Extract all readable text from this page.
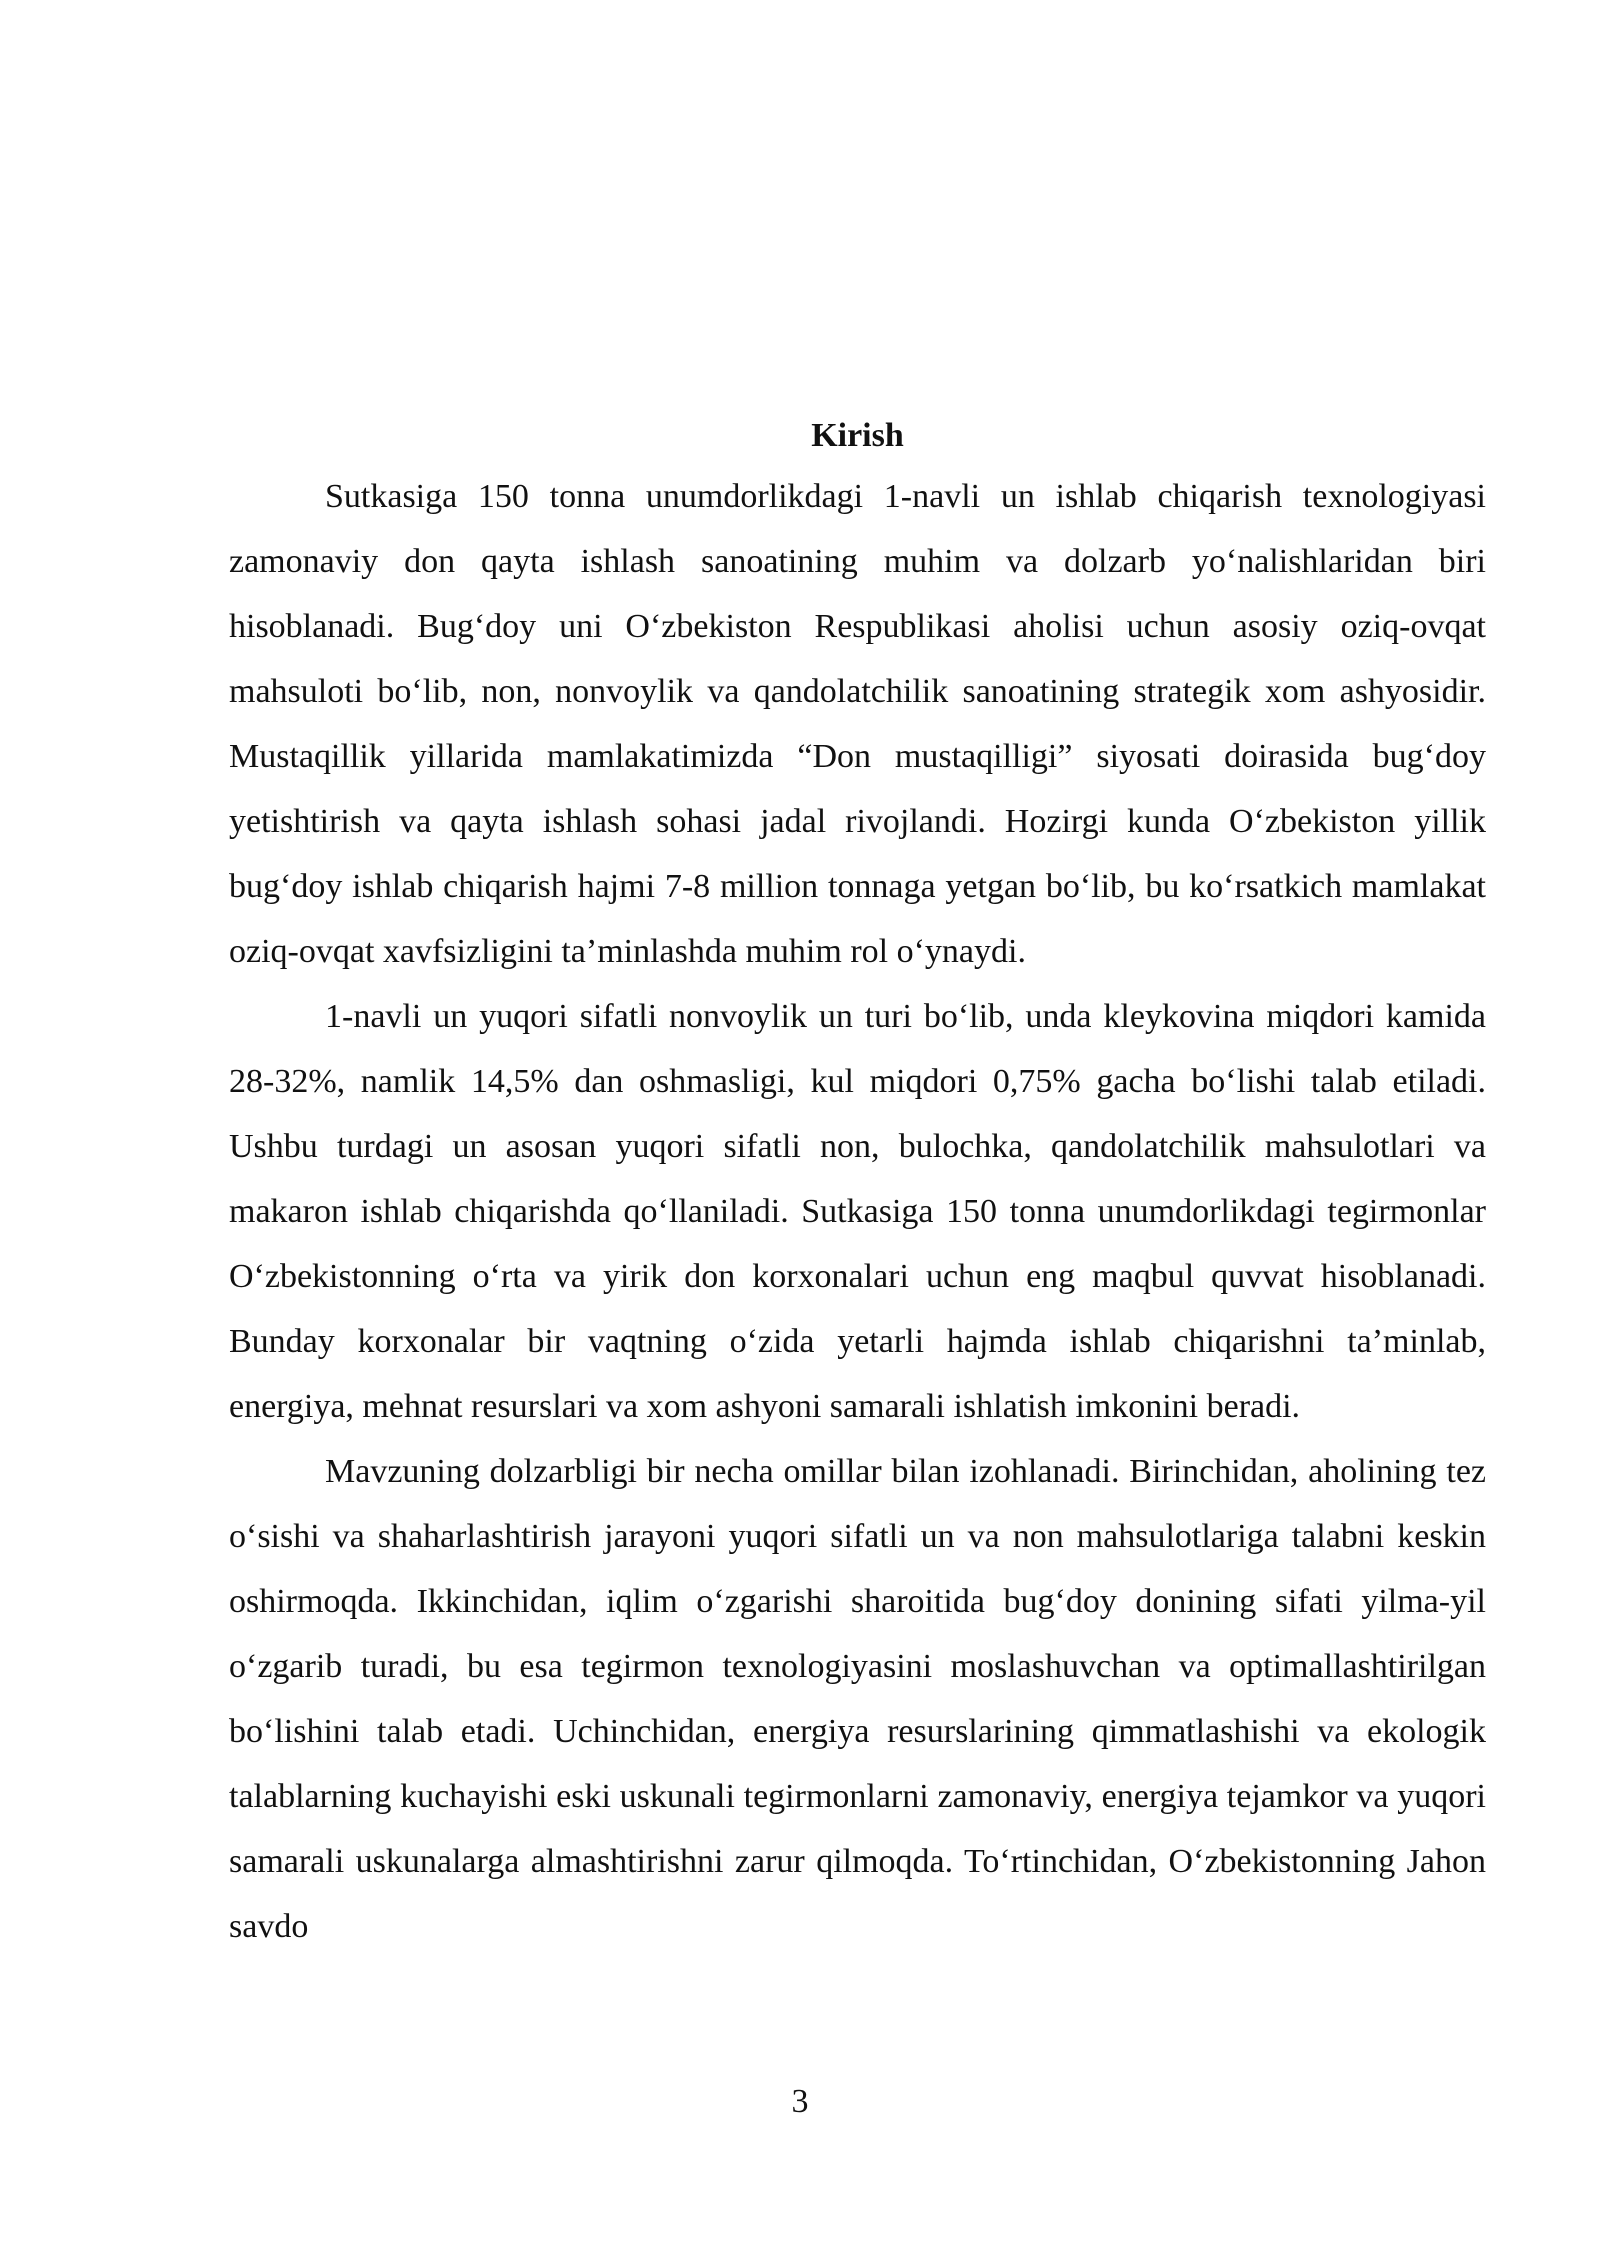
Kirish

Sutkasiga 150 tonna unumdorlikdagi 1-navli un ishlab chiqarish texnologiyasi zamonaviy don qayta ishlash sanoatining muhim va dolzarb yo‘nalishlaridan biri hisoblanadi. Bug‘doy uni O‘zbekiston Respublikasi aholisi uchun asosiy oziq-ovqat mahsuloti bo‘lib, non, nonvoylik va qandolatchilik sanoatining strategik xom ashyosidir. Mustaqillik yillarida mamlakatimizda “Don mustaqilligi” siyosati doirasida bug‘doy yetishtirish va qayta ishlash sohasi jadal rivojlandi. Hozirgi kunda O‘zbekiston yillik bug‘doy ishlab chiqarish hajmi 7-8 million tonnaga yetgan bo‘lib, bu ko‘rsatkich mamlakat oziq-ovqat xavfsizligini ta’minlashda muhim rol o‘ynaydi.

1-navli un yuqori sifatli nonvoylik un turi bo‘lib, unda kleykovina miqdori kamida 28-32%, namlik 14,5% dan oshmasligi, kul miqdori 0,75% gacha bo‘lishi talab etiladi. Ushbu turdagi un asosan yuqori sifatli non, bulochka, qandolatchilik mahsulotlari va makaron ishlab chiqarishda qo‘llaniladi. Sutkasiga 150 tonna unumdorlikdagi tegirmonlar O‘zbekistonning o‘rta va yirik don korxonalari uchun eng maqbul quvvat hisoblanadi. Bunday korxonalar bir vaqtning o‘zida yetarli hajmda ishlab chiqarishni ta’minlab, energiya, mehnat resurslari va xom ashyoni samarali ishlatish imkonini beradi.

Mavzuning dolzarbligi bir necha omillar bilan izohlanadi. Birinchidan, aholining tez o‘sishi va shaharlashtirish jarayoni yuqori sifatli un va non mahsulotlariga talabni keskin oshirmoqda. Ikkinchidan, iqlim o‘zgarishi sharoitida bug‘doy donining sifati yilma-yil o‘zgarib turadi, bu esa tegirmon texnologiyasini moslashuvchan va optimallashtirilgan bo‘lishini talab etadi. Uchinchidan, energiya resurslarining qimmatlashishi va ekologik talablarning kuchayishi eski uskunali tegirmonlarni zamonaviy, energiya tejamkor va yuqori samarali uskunalarga almashtirishni zarur qilmoqda. To‘rtinchidan, O‘zbekistonning Jahon savdo

3
